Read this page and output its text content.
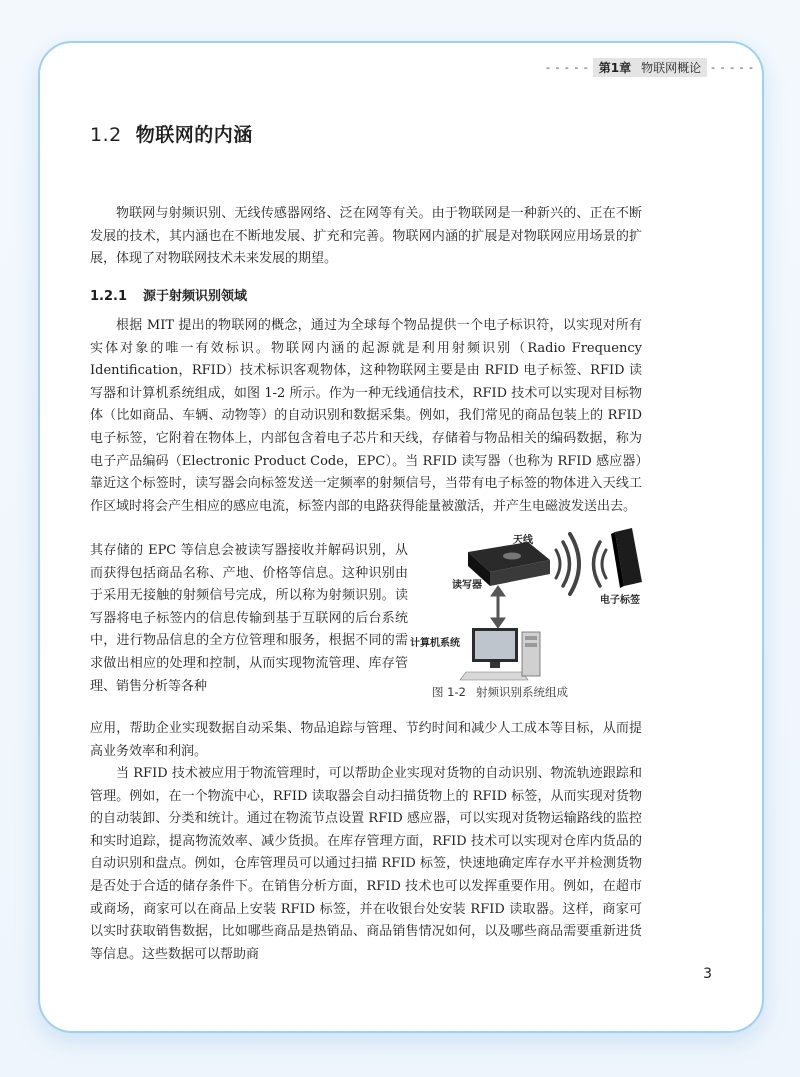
- - - - - 第1章 物联网概论 - - - - -
1.2 物联网的内涵
物联网与射频识别、无线传感器网络、泛在网等有关。由于物联网是一种新兴的、正在不断发展的技术，其内涵也在不断地发展、扩充和完善。物联网内涵的扩展是对物联网应用场景的扩展，体现了对物联网技术未来发展的期望。
1.2.1 源于射频识别领域
根据 MIT 提出的物联网的概念，通过为全球每个物品提供一个电子标识符，以实现对所有实体对象的唯一有效标识。物联网内涵的起源就是利用射频识别（Radio Frequency Identification，RFID）技术标识客观物体，这种物联网主要是由 RFID 电子标签、RFID 读写器和计算机系统组成，如图 1-2 所示。作为一种无线通信技术，RFID 技术可以实现对目标物体（比如商品、车辆、动物等）的自动识别和数据采集。例如，我们常见的商品包装上的 RFID 电子标签，它附着在物体上，内部包含着电子芯片和天线，存储着与物品相关的编码数据，称为电子产品编码（Electronic Product Code，EPC）。当 RFID 读写器（也称为 RFID 感应器）靠近这个标签时，读写器会向标签发送一定频率的射频信号，当带有电子标签的物体进入天线工作区域时将会产生相应的感应电流，标签内部的电路获得能量被激活，并产生电磁波发送出去。
其存储的 EPC 等信息会被读写器接收并解码识别，从而获得包括商品名称、产地、价格等信息。这种识别由于采用无接触的射频信号完成，所以称为射频识别。读写器将电子标签内的信息传输到基于互联网的后台系统中，进行物品信息的全方位管理和服务，根据不同的需求做出相应的处理和控制，从而实现物流管理、库存管理、销售分析等各种
天线
读写器
电子标签
计算机系统
图 1-2 射频识别系统组成
应用，帮助企业实现数据自动采集、物品追踪与管理、节约时间和减少人工成本等目标，从而提高业务效率和利润。
当 RFID 技术被应用于物流管理时，可以帮助企业实现对货物的自动识别、物流轨迹跟踪和管理。例如，在一个物流中心，RFID 读取器会自动扫描货物上的 RFID 标签，从而实现对货物的自动装卸、分类和统计。通过在物流节点设置 RFID 感应器，可以实现对货物运输路线的监控和实时追踪，提高物流效率、减少货损。在库存管理方面，RFID 技术可以实现对仓库内货品的自动识别和盘点。例如，仓库管理员可以通过扫描 RFID 标签，快速地确定库存水平并检测货物是否处于合适的储存条件下。在销售分析方面，RFID 技术也可以发挥重要作用。例如，在超市或商场，商家可以在商品上安装 RFID 标签，并在收银台处安装 RFID 读取器。这样，商家可以实时获取销售数据，比如哪些商品是热销品、商品销售情况如何，以及哪些商品需要重新进货等信息。这些数据可以帮助商
3
